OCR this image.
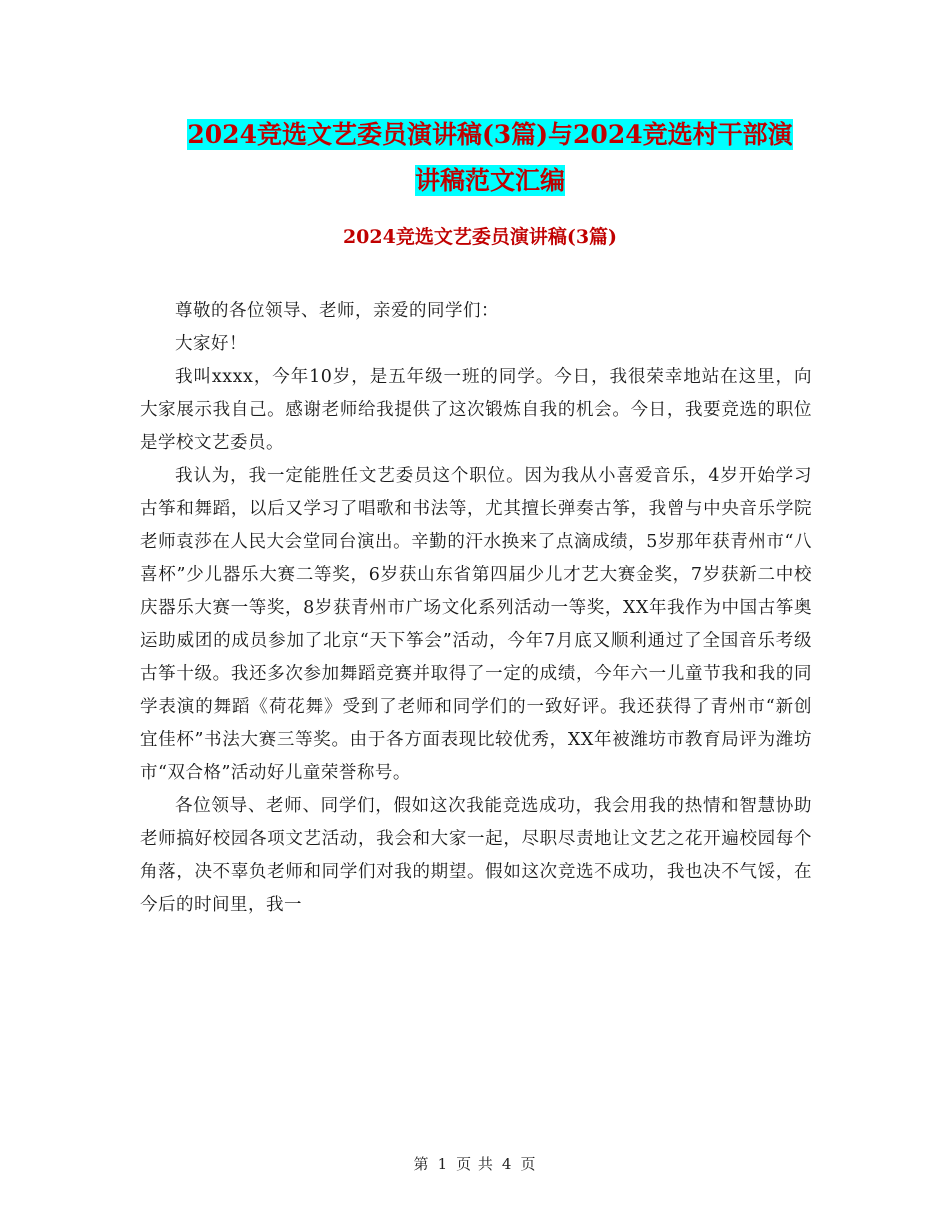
2024竞选文艺委员演讲稿(3篇)与2024竞选村干部演
讲稿范文汇编
2024竞选文艺委员演讲稿(3篇)

尊敬的各位领导、老师，亲爱的同学们：

大家好！

我叫xxxx，今年10岁，是五年级一班的同学。今日，我很荣幸地站在这里，向大家展示我自己。感谢老师给我提供了这次锻炼自我的机会。今日，我要竞选的职位是学校文艺委员。

我认为，我一定能胜任文艺委员这个职位。因为我从小喜爱音乐，4岁开始学习古筝和舞蹈，以后又学习了唱歌和书法等，尤其擅长弹奏古筝，我曾与中央音乐学院老师袁莎在人民大会堂同台演出。辛勤的汗水换来了点滴成绩，5岁那年获青州市“八喜杯”少儿器乐大赛二等奖，6岁获山东省第四届少儿才艺大赛金奖，7岁获新二中校庆器乐大赛一等奖，8岁获青州市广场文化系列活动一等奖，XX年我作为中国古筝奥运助威团的成员参加了北京“天下筝会”活动，今年7月底又顺利通过了全国音乐考级古筝十级。我还多次参加舞蹈竞赛并取得了一定的成绩，今年六一儿童节我和我的同学表演的舞蹈《荷花舞》受到了老师和同学们的一致好评。我还获得了青州市“新创宜佳杯”书法大赛三等奖。由于各方面表现比较优秀，XX年被潍坊市教育局评为潍坊市“双合格”活动好儿童荣誉称号。

各位领导、老师、同学们，假如这次我能竞选成功，我会用我的热情和智慧协助老师搞好校园各项文艺活动，我会和大家一起，尽职尽责地让文艺之花开遍校园每个角落，决不辜负老师和同学们对我的期望。假如这次竞选不成功，我也决不气馁，在今后的时间里，我一

第 1 页 共 4 页
